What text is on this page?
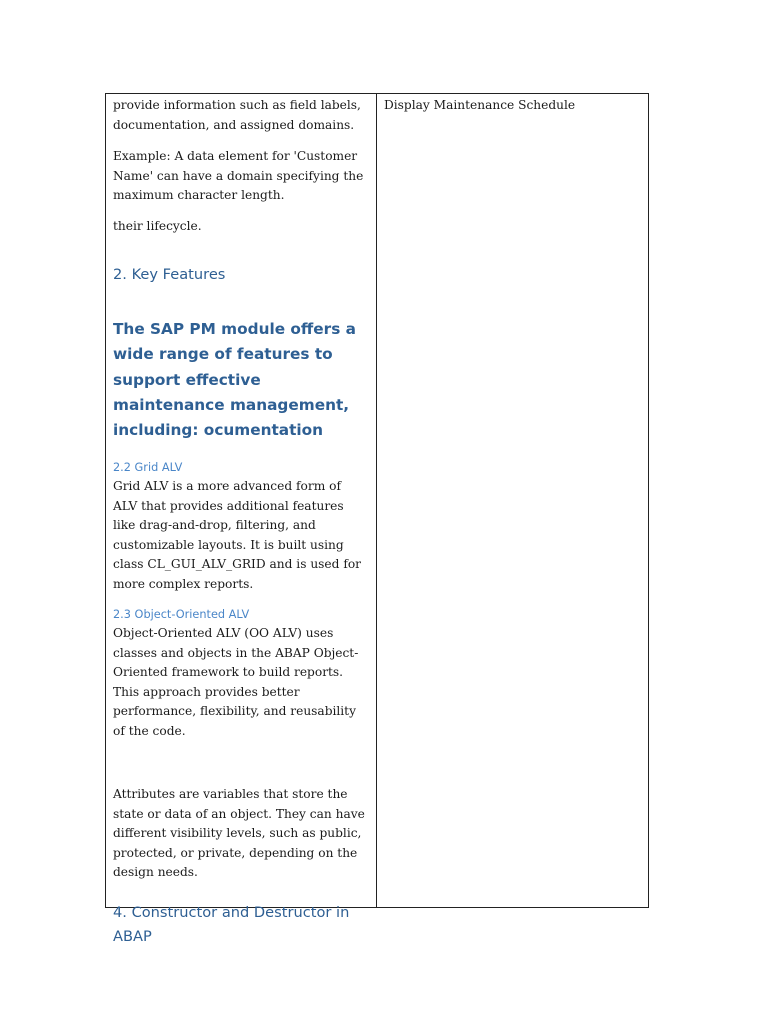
provide information such as field labels, documentation, and assigned domains.

Example: A data element for 'Customer Name' can have a domain specifying the maximum character length.

their lifecycle.

2. Key Features
The SAP PM module offers a wide range of features to support effective maintenance management, including: ocumentation
2.2 Grid ALV

Grid ALV is a more advanced form of ALV that provides additional features like drag-and-drop, filtering, and customizable layouts. It is built using class CL_GUI_ALV_GRID and is used for more complex reports.

2.3 Object-Oriented ALV

Object-Oriented ALV (OO ALV) uses classes and objects in the ABAP Object-Oriented framework to build reports. This approach provides better performance, flexibility, and reusability of the code.

Attributes are variables that store the state or data of an object. They can have different visibility levels, such as public, protected, or private, depending on the design needs.

4. Constructor and Destructor in ABAP

Display Maintenance Schedule
